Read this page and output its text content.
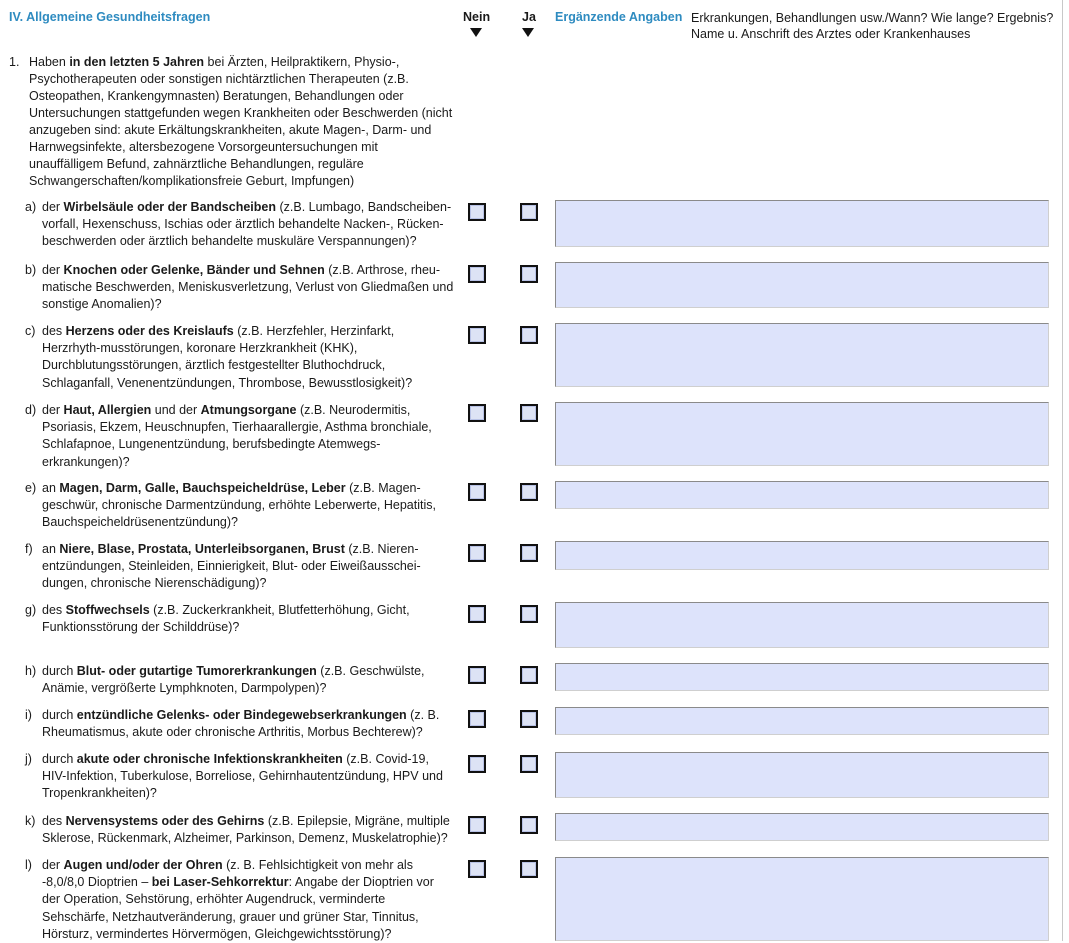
IV. Allgemeine Gesundheitsfragen	Nein	Ja Ergänzende Angaben Erkrankungen, Behandlungen usw./Wann? Wie lange? Ergebnis? Name u. Anschrift des Arztes oder Krankenhauses
1. Haben in den letzten 5 Jahren bei Ärzten, Heilpraktikern, Physio-, Psychotherapeuten oder sonstigen nichtärztlichen Therapeuten (z.B. Osteopathen, Krankengymnasten) Beratungen, Behandlungen oder Untersuchungen stattgefunden wegen Krankheiten oder Beschwerden (nicht anzugeben sind: akute Erkältungskrankheiten, akute Magen-, Darm- und Harnwegsinfekte, altersbezogene Vorsorgeuntersuchungen mit unauffälligem Befund, zahnärztliche Behandlungen, reguläre Schwangerschaften/komplikationsfreie Geburt, Impfungen)
a) der Wirbelsäule oder der Bandscheiben (z.B. Lumbago, Bandscheiben-vorfall, Hexenschuss, Ischias oder ärztlich behandelte Nacken-, Rücken-beschwerden oder ärztlich behandelte muskuläre Verspannungen)?
b) der Knochen oder Gelenke, Bänder und Sehnen (z.B. Arthrose, rheu-matische Beschwerden, Meniskusverletzung, Verlust von Gliedmaßen und sonstige Anomalien)?
c) des Herzens oder des Kreislaufs (z.B. Herzfehler, Herzinfarkt, Herzrhyth-musstörungen, koronare Herzkrankheit (KHK), Durchblutungsstörungen, ärztlich festgestellter Bluthochdruck, Schlaganfall, Venenentzündungen, Thrombose, Bewusstlosigkeit)?
d) der Haut, Allergien und der Atmungsorgane (z.B. Neurodermitis, Psoriasis, Ekzem, Heuschnupfen, Tierhaarallergie, Asthma bronchiale, Schlafapnoe, Lungenentzündung, berufsbedingte Atemwegs-erkrankungen)?
e) an Magen, Darm, Galle, Bauchspeicheldrüse, Leber (z.B. Magen-geschwür, chronische Darmentzündung, erhöhte Leberwerte, Hepatitis, Bauchspeicheldrüsenentzündung)?
f) an Niere, Blase, Prostata, Unterleibsorganen, Brust (z.B. Nieren-entzündungen, Steinleiden, Einnierigkeit, Blut- oder Eiweißausschei-dungen, chronische Nierenschädigung)?
g) des Stoffwechsels (z.B. Zuckerkrankheit, Blutfetterhöhung, Gicht, Funktionsstörung der Schilddrüse)?
h) durch Blut- oder gutartige Tumorerkrankungen (z.B. Geschwülste, Anämie, vergrößerte Lymphknoten, Darmpolypen)?
i) durch entzündliche Gelenks- oder Bindegewebserkrankungen (z. B. Rheumatismus, akute oder chronische Arthritis, Morbus Bechterew)?
j) durch akute oder chronische Infektionskrankheiten (z.B. Covid-19, HIV-Infektion, Tuberkulose, Borreliose, Gehirnhautentzündung, HPV und Tropenkrankheiten)?
k) des Nervensystems oder des Gehirns (z.B. Epilepsie, Migräne, multiple Sklerose, Rückenmark, Alzheimer, Parkinson, Demenz, Muskelatrophie)?
l) der Augen und/oder der Ohren (z. B. Fehlsichtigkeit von mehr als -8,0/8,0 Dioptrien – bei Laser-Sehkorrektur: Angabe der Dioptrien vor der Operation, Sehstörung, erhöhter Augendruck, verminderte Sehschärfe, Netzhautveränderung, grauer und grüner Star, Tinnitus, Hörsturz, vermindertes Hörvermögen, Gleichgewichtsstörung)?
